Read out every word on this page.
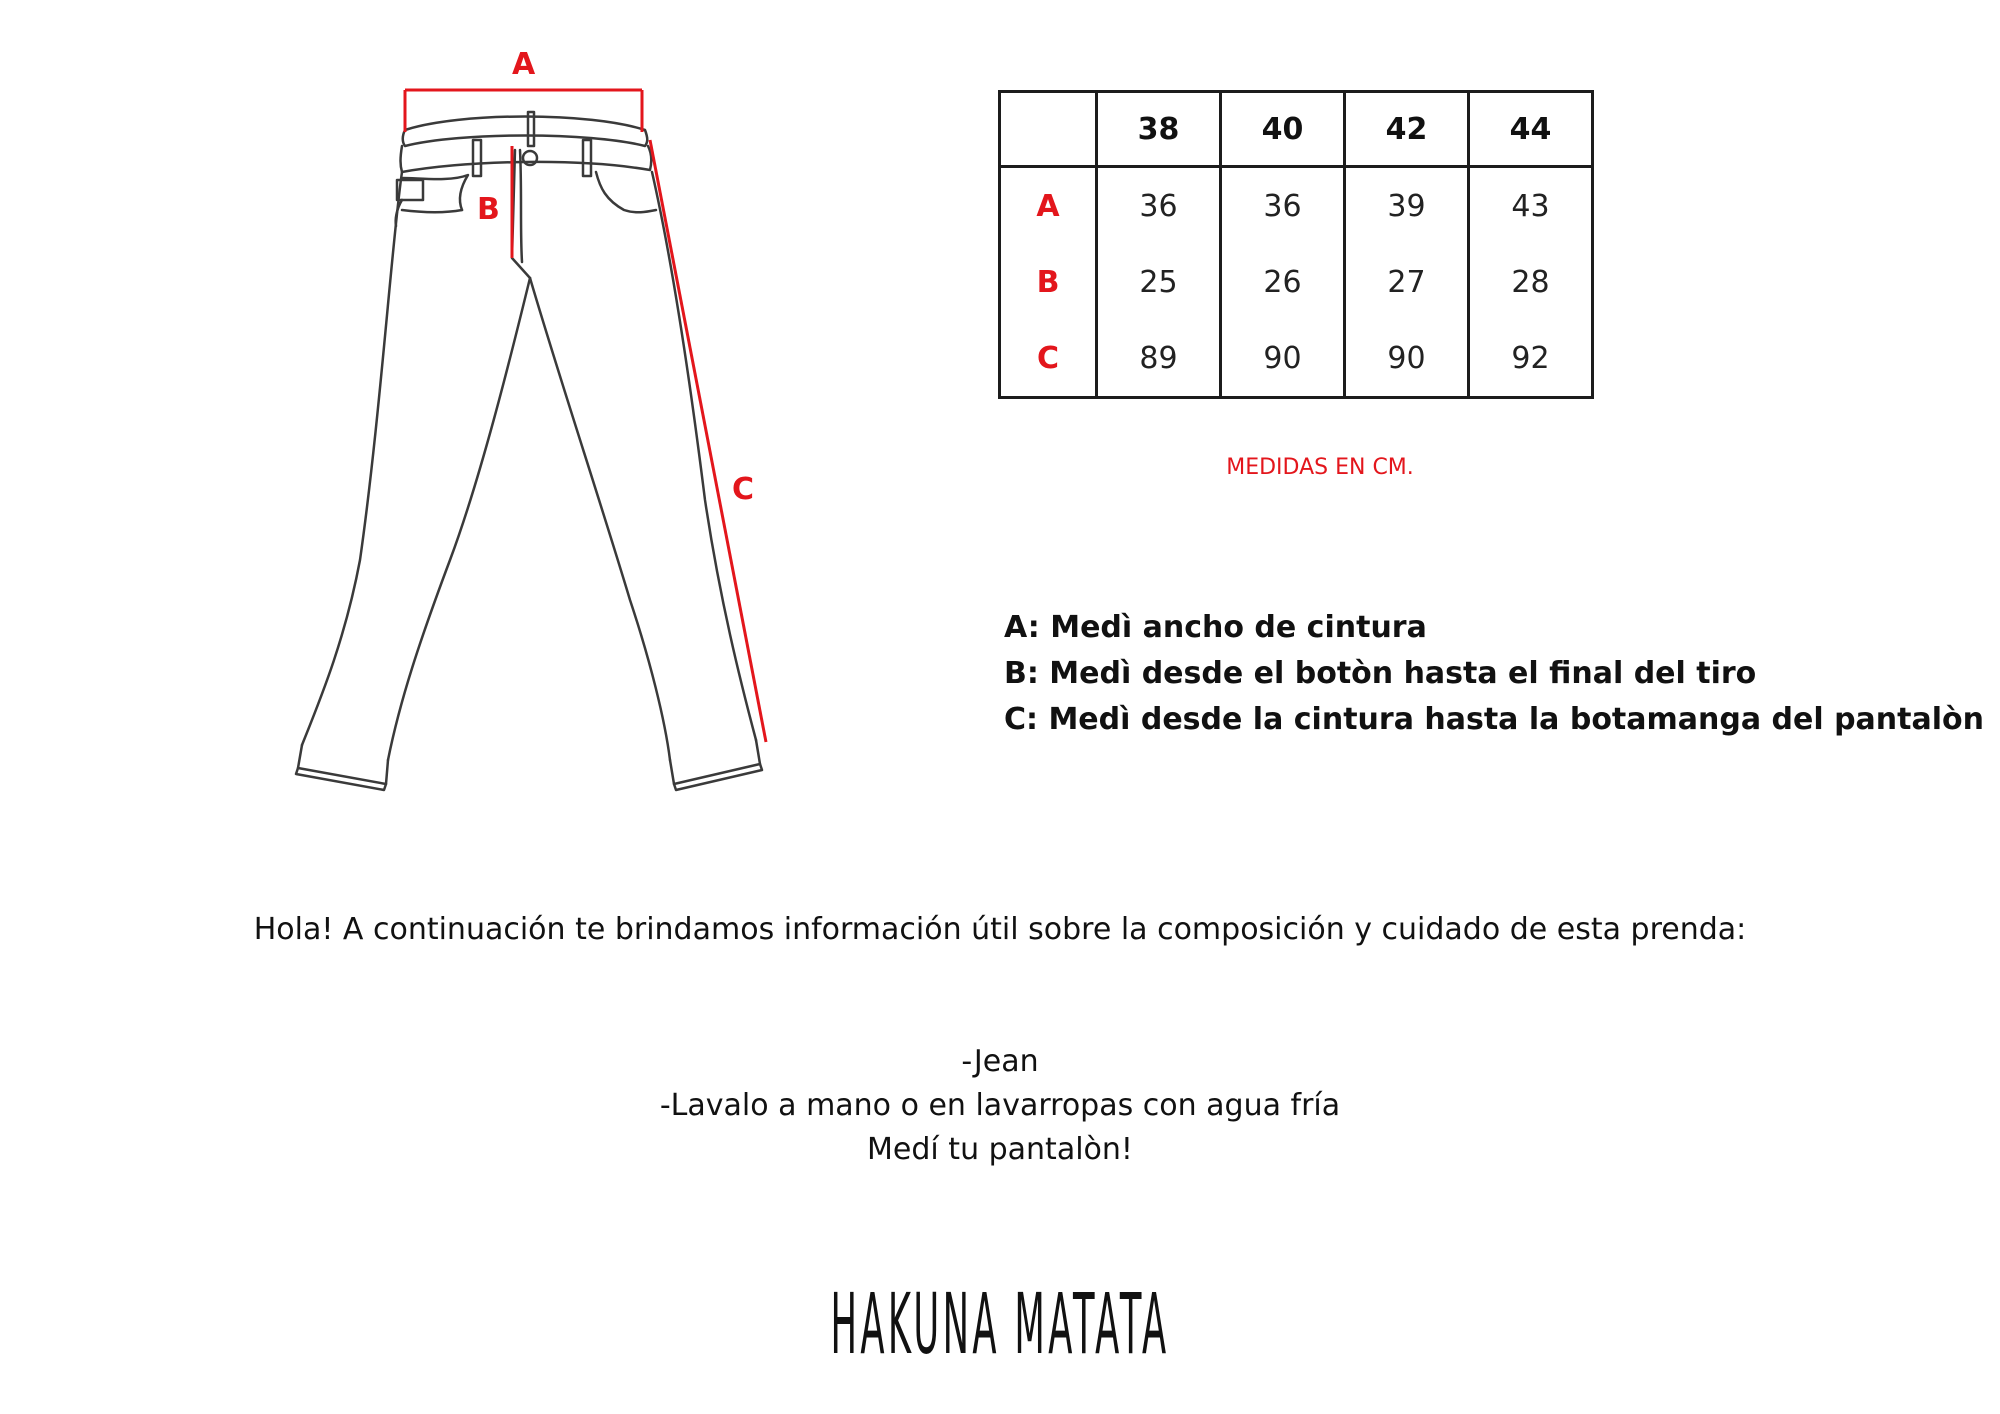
A
B
C
	38	40	42	44
A	36	36	39	43
B	25	26	27	28
C	89	90	90	92
MEDIDAS EN CM.
A: Medì ancho de cintura
B: Medì desde el botòn hasta el final del tiro
C: Medì desde la cintura hasta la botamanga del pantalòn
Hola! A continuación te brindamos información útil sobre la composición y cuidado de esta prenda:
-Jean
-Lavalo a mano o en lavarropas con agua fría
Medí tu pantalòn!
HAKUNA MATATA
